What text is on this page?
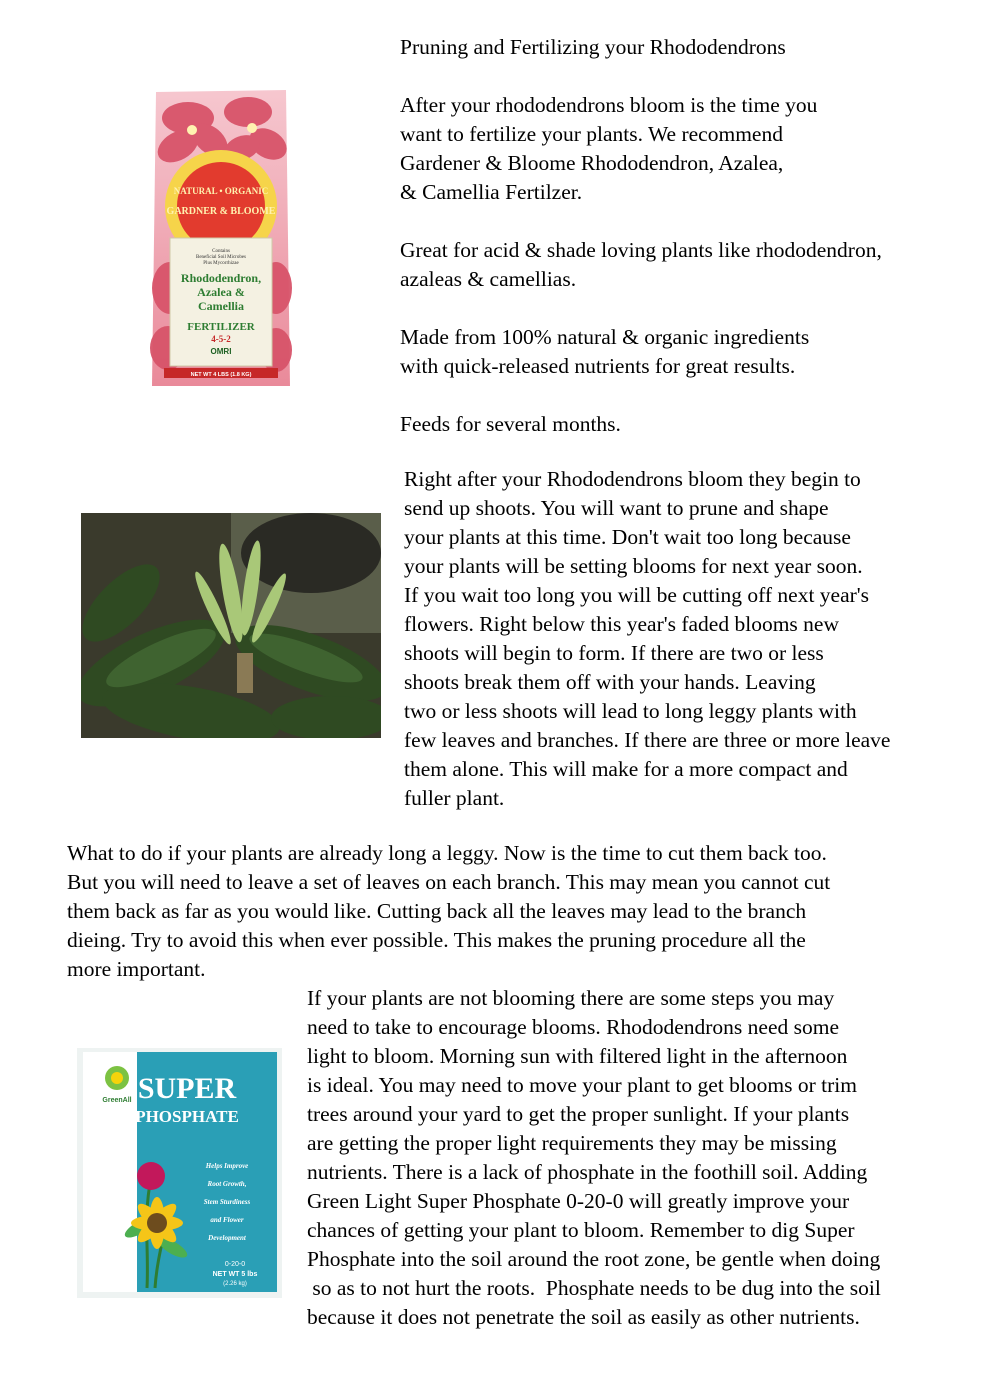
Pruning and Fertilizing your Rhododendrons
NATURAL • ORGANIC
GARDNER & BLOOME
Contains
Beneficial Soil Microbes
Plus Mycorrhizae
Rhododendron,
Azalea &
Camellia
FERTILIZER
4-5-2
OMRI
NET WT 4 LBS (1.8 KG)
After your rhododendrons bloom is the time you
want to fertilize your plants. We recommend
Gardener & Bloome Rhododendron, Azalea,
& Camellia Fertilzer.
Great for acid & shade loving plants like rhododendron,
azaleas & camellias.
Made from 100% natural & organic ingredients
with quick-released nutrients for great results.
Feeds for several months.
Right after your Rhododendrons bloom they begin to
send up shoots. You will want to prune and shape
your plants at this time. Don't wait too long because
your plants will be setting blooms for next year soon.
If you wait too long you will be cutting off next year's
flowers. Right below this year's faded blooms new
shoots will begin to form. If there are two or less
shoots break them off with your hands. Leaving
two or less shoots will lead to long leggy plants with
few leaves and branches. If there are three or more leave
them alone. This will make for a more compact and
fuller plant.
What to do if your plants are already long a leggy. Now is the time to cut them back too.
But you will need to leave a set of leaves on each branch. This may mean you cannot cut
them back as far as you would like. Cutting back all the leaves may lead to the branch
dieing. Try to avoid this when ever possible. This makes the pruning procedure all the
more important.
GreenAll SUPER
PHOSPHATE
Helps Improve
Root Growth,
Stem Sturdiness
and Flower
Development
0-20-0
NET WT 5 lbs
(2.26 kg)
If your plants are not blooming there are some steps you may
need to take to encourage blooms. Rhododendrons need some
light to bloom. Morning sun with filtered light in the afternoon
is ideal. You may need to move your plant to get blooms or trim
trees around your yard to get the proper sunlight. If your plants
are getting the proper light requirements they may be missing
nutrients. There is a lack of phosphate in the foothill soil. Adding
Green Light Super Phosphate 0-20-0 will greatly improve your
chances of getting your plant to bloom. Remember to dig Super
Phosphate into the soil around the root zone, be gentle when doing
so as to not hurt the roots.  Phosphate needs to be dug into the soil
because it does not penetrate the soil as easily as other nutrients.
